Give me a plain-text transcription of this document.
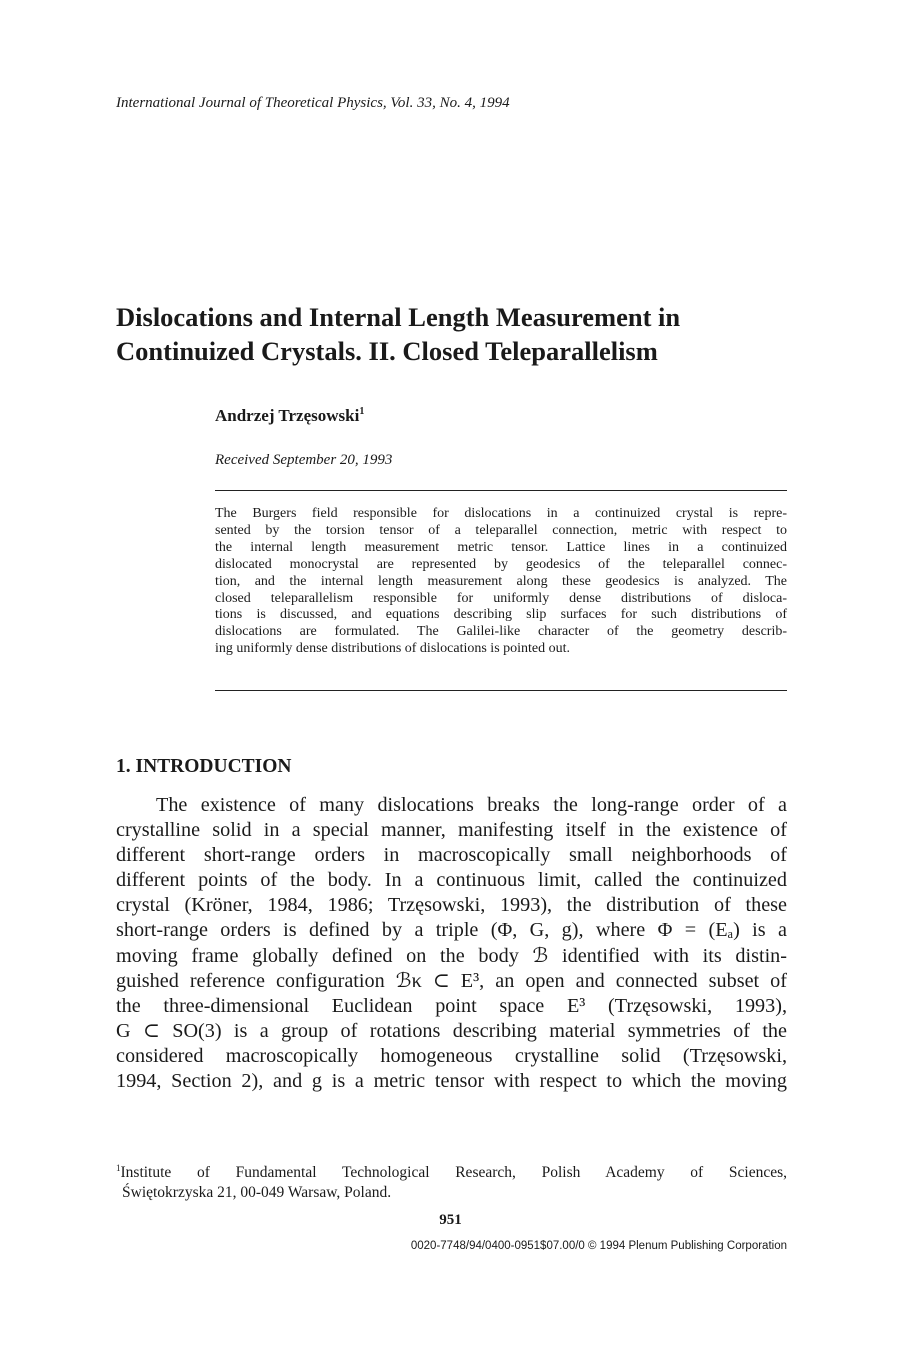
International Journal of Theoretical Physics, Vol. 33, No. 4, 1994
Dislocations and Internal Length Measurement in
Continuized Crystals. II. Closed Teleparallelism
Andrzej Trzęsowski$^1$
Received September 20, 1993
The Burgers field responsible for dislocations in a continuized crystal is repre-
sented by the torsion tensor of a teleparallel connection, metric with respect to
the internal length measurement metric tensor. Lattice lines in a continuized
dislocated monocrystal are represented by geodesics of the teleparallel connec-
tion, and the internal length measurement along these geodesics is analyzed. The
closed teleparallelism responsible for uniformly dense distributions of disloca-
tions is discussed, and equations describing slip surfaces for such distributions of
dislocations are formulated. The Galilei-like character of the geometry describ-
ing uniformly dense distributions of dislocations is pointed out.
1. INTRODUCTION
The existence of many dislocations breaks the long-range order of a
crystalline solid in a special manner, manifesting itself in the existence of
different short-range orders in macroscopically small neighborhoods of
different points of the body. In a continuous limit, called the continuized
crystal (Kröner, 1984, 1986; Trzęsowski, 1993), the distribution of these
short-range orders is defined by a triple (Φ, G, g), where Φ = (Eₐ) is a
moving frame globally defined on the body ℬ identified with its distin-
guished reference configuration ℬκ ⊂ E³, an open and connected subset of
the three-dimensional Euclidean point space E³ (Trzęsowski, 1993),
G ⊂ SO(3) is a group of rotations describing material symmetries of the
considered macroscopically homogeneous crystalline solid (Trzęsowski,
1994, Section 2), and g is a metric tensor with respect to which the moving
$^1$Institute of Fundamental Technological Research, Polish Academy of Sciences,
Świętokrzyska 21, 00-049 Warsaw, Poland.
951
0020-7748/94/0400-0951$07.00/0 © 1994 Plenum Publishing Corporation
